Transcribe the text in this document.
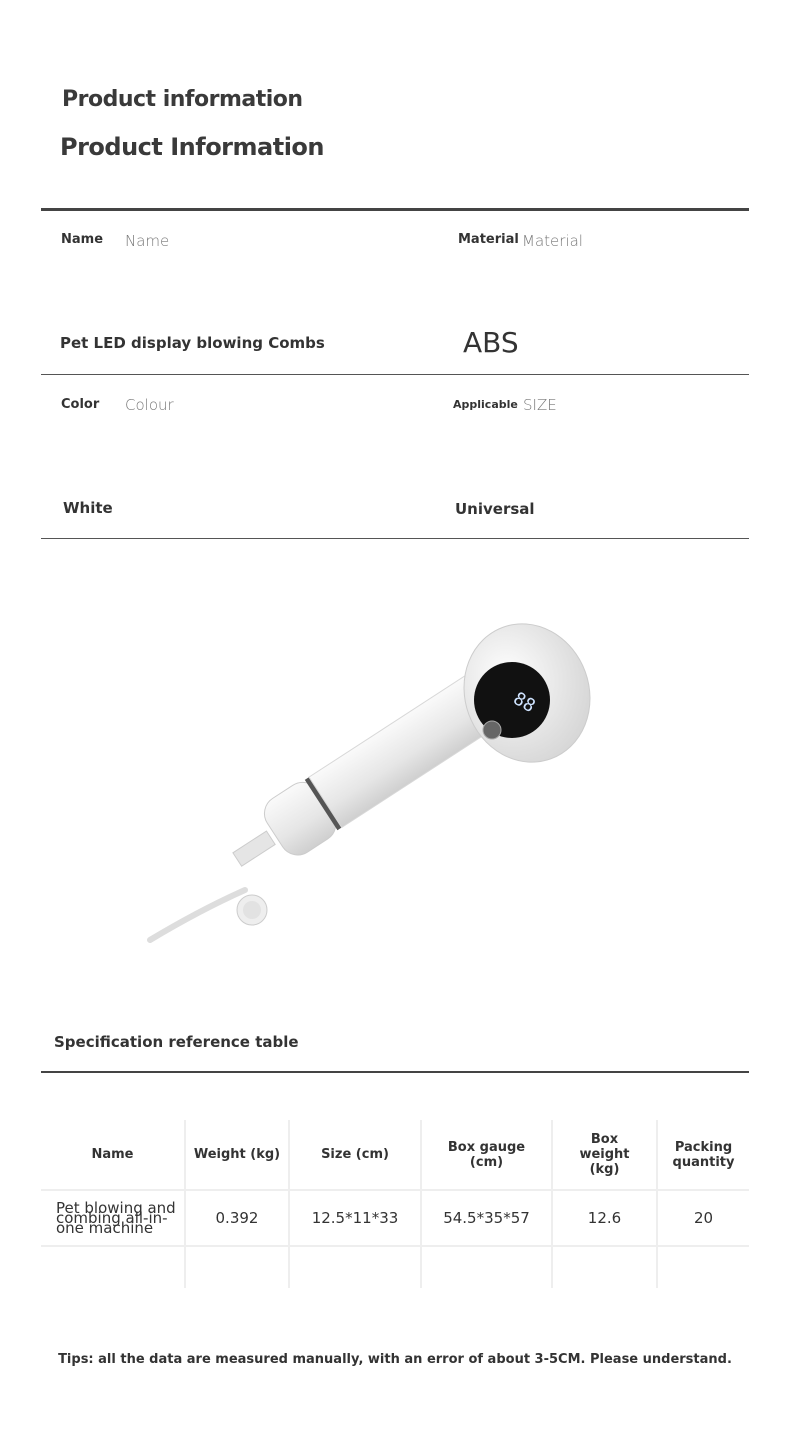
Product information
Product Information
Name Name	Material Material
Pet LED display blowing Combs	ABS
Color Colour	Applicable SIZE
White	Universal
88
Specification reference table
Name	Weight (kg)	Size (cm)	Box gauge (cm)	Box weight (kg)	Packing quantity
Pet blowing and combing all-in-one machine	0.392	12.5*11*33	54.5*35*57	12.6	20

Tips: all the data are measured manually, with an error of about 3-5CM. Please understand.
